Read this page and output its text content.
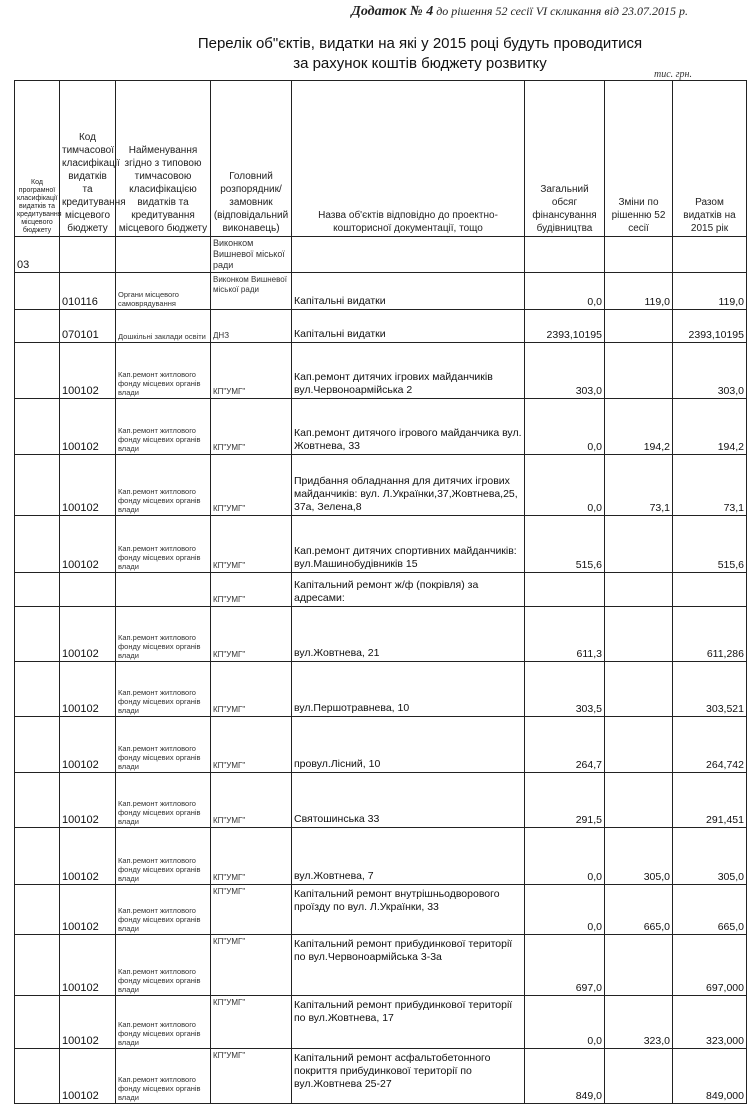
Додаток № 4 до рішення 52 сесії VI скликання від 23.07.2015 р.
Перелік об"єктів, видатки на які у 2015 році будуть проводитися
за рахунок коштів бюджету розвитку
тис. грн.
Код програмної класифікації видатків та кредитування місцевого бюджету	Код тимчасової класифікації видатків та кредитування місцевого бюджету	Найменування згідно з типовою тимчасовою класифікацією видатків та кредитування місцевого бюджету	Головний розпорядник/замовник (відповідальний виконавець)	Назва об'єктів відповідно до проектно-кошторисної документації, тощо	Загальний обсяг фінансування будівництва	Зміни по рішенню 52 сесії	Разом видатків на 2015 рік
03			Виконком Вишневої міської ради				
	010116	Органи місцевого самоврядування	Виконком Вишневої міської ради	Капітальні видатки	0,0	119,0	119,0
	070101	Дошкільні заклади освіти	ДНЗ	Капітальні видатки	2393,10195		2393,10195
	100102	Кап.ремонт житлового фонду місцевих органів влади	КП"УМГ"	Кап.ремонт дитячих ігрових майданчиків вул.Червоноармійська 2	303,0		303,0
	100102	Кап.ремонт житлового фонду місцевих органів влади	КП"УМГ"	Кап.ремонт дитячого ігрового майданчика вул. Жовтнева, 33	0,0	194,2	194,2
	100102	Кап.ремонт житлового фонду місцевих органів влади	КП"УМГ"	Придбання обладнання для дитячих ігрових майданчиків: вул. Л.Українки,37,Жовтнева,25, 37а, Зелена,8	0,0	73,1	73,1
	100102	Кап.ремонт житлового фонду місцевих органів влади	КП"УМГ"	Кап.ремонт дитячих спортивних майданчиків: вул.Машинобудівників 15	515,6		515,6
			КП"УМГ"	Капітальний ремонт ж/ф (покрівля) за адресами:			
	100102	Кап.ремонт житлового фонду місцевих органів влади	КП"УМГ"	вул.Жовтнева, 21	611,3		611,286
	100102	Кап.ремонт житлового фонду місцевих органів влади	КП"УМГ"	вул.Першотравнева, 10	303,5		303,521
	100102	Кап.ремонт житлового фонду місцевих органів влади	КП"УМГ"	провул.Лісний, 10	264,7		264,742
	100102	Кап.ремонт житлового фонду місцевих органів влади	КП"УМГ"	Святошинська 33	291,5		291,451
	100102	Кап.ремонт житлового фонду місцевих органів влади	КП"УМГ"	вул.Жовтнева, 7	0,0	305,0	305,0
	100102	Кап.ремонт житлового фонду місцевих органів влади	КП"УМГ"	Капітальний ремонт внутрішньодворового проїзду по вул. Л.Українки, 33	0,0	665,0	665,0
	100102	Кап.ремонт житлового фонду місцевих органів влади	КП"УМГ"	Капітальний ремонт прибудинкової території по вул.Червоноармійська 3-3а	697,0		697,000
	100102	Кап.ремонт житлового фонду місцевих органів влади	КП"УМГ"	Капітальний ремонт прибудинкової території по вул.Жовтнева, 17	0,0	323,0	323,000
	100102	Кап.ремонт житлового фонду місцевих органів влади	КП"УМГ"	Капітальний ремонт асфальтобетонного покриття прибудинкової території по вул.Жовтнева 25-27	849,0		849,000
